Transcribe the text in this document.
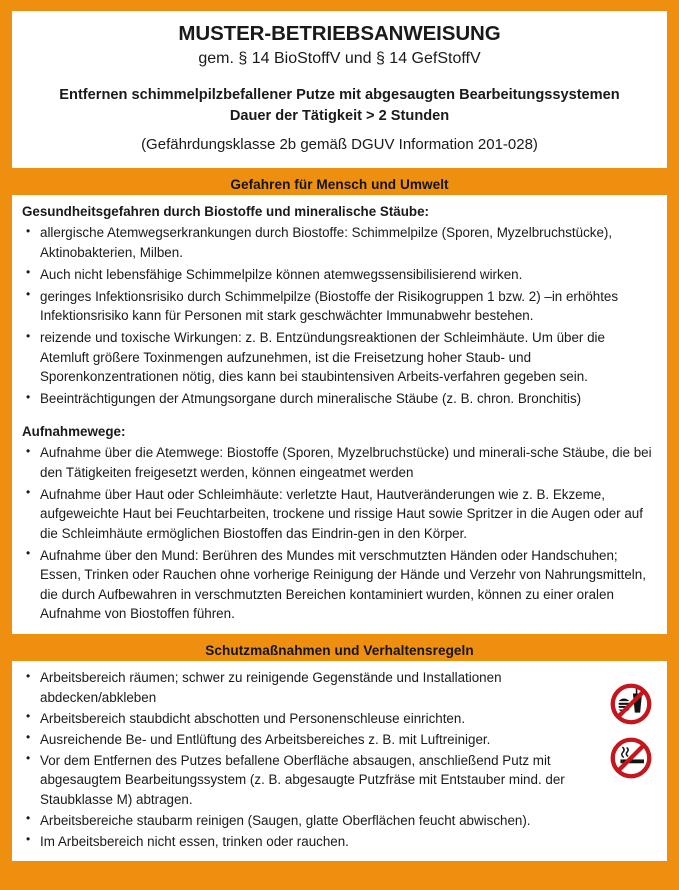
MUSTER-BETRIEBSANWEISUNG
gem. § 14 BioStoffV und § 14 GefStoffV
Entfernen schimmelpilzbefallener Putze mit abgesaugten Bearbeitungssystemen
Dauer der Tätigkeit > 2 Stunden
(Gefährdungsklasse 2b gemäß DGUV Information 201-028)
Gefahren für Mensch und Umwelt
Gesundheitsgefahren durch Biostoffe und mineralische Stäube:
• allergische Atemwegserkrankungen durch Biostoffe: Schimmelpilze (Sporen, Myzelbruchstücke), Aktinobakterien, Milben.
• Auch nicht lebensfähige Schimmelpilze können atemwegssensibilisierend wirken.
• geringes Infektionsrisiko durch Schimmelpilze (Biostoffe der Risikogruppen 1 bzw. 2) –in erhöhtes Infektionsrisiko kann für Personen mit stark geschwächter Immunabwehr bestehen.
• reizende und toxische Wirkungen: z. B. Entzündungsreaktionen der Schleimhäute. Um über die Atemluft größere Toxinmengen aufzunehmen, ist die Freisetzung hoher Staub- und Sporenkonzentrationen nötig, dies kann bei staubintensiven Arbeits-verfahren gegeben sein.
• Beeinträchtigungen der Atmungsorgane durch mineralische Stäube (z. B. chron. Bronchitis)
Aufnahmewege:
• Aufnahme über die Atemwege: Biostoffe (Sporen, Myzelbruchstücke) und minerali-sche Stäube, die bei den Tätigkeiten freigesetzt werden, können eingeatmet werden
• Aufnahme über Haut oder Schleimhäute: verletzte Haut, Hautveränderungen wie z. B. Ekzeme, aufgeweichte Haut bei Feuchtarbeiten, trockene und rissige Haut sowie Spritzer in die Augen oder auf die Schleimhäute ermöglichen Biostoffen das Eindrin-gen in den Körper.
• Aufnahme über den Mund: Berühren des Mundes mit verschmutzten Händen oder Handschuhen; Essen, Trinken oder Rauchen ohne vorherige Reinigung der Hände und Verzehr von Nahrungsmitteln, die durch Aufbewahren in verschmutzten Bereichen kontaminiert wurden, können zu einer oralen Aufnahme von Biostoffen führen.
Schutzmaßnahmen und Verhaltensregeln
• Arbeitsbereich räumen; schwer zu reinigende Gegenstände und Installationen abdecken/abkleben
• Arbeitsbereich staubdicht abschotten und Personenschleuse einrichten.
• Ausreichende Be- und Entlüftung des Arbeitsbereiches z. B. mit Luftreiniger.
• Vor dem Entfernen des Putzes befallene Oberfläche absaugen, anschließend Putz mit abgesaugtem Bearbeitungssystem (z. B. abgesaugte Putzfräse mit Entstauber mind. der Staubklasse M) abtragen.
• Arbeitsbereiche staubarm reinigen (Saugen, glatte Oberflächen feucht abwischen).
• Im Arbeitsbereich nicht essen, trinken oder rauchen.
